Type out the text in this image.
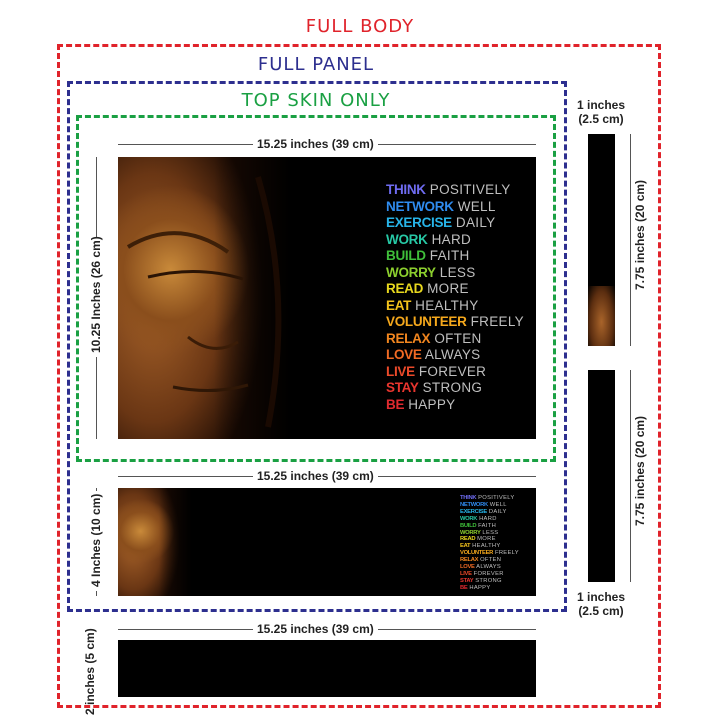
FULL BODY
FULL PANEL
TOP SKIN ONLY
15.25 inches (39 cm)
10.25 Inches (26 cm)
THINK POSITIVELY
NETWORK WELL
EXERCISE DAILY
WORK HARD
BUILD FAITH
WORRY LESS
READ MORE
EAT HEALTHY
VOLUNTEER FREELY
RELAX OFTEN
LOVE ALWAYS
LIVE FOREVER
STAY STRONG
BE HAPPY
15.25 inches (39 cm)
4 Inches (10 cm)	THINK POSITIVELY
NETWORK WELL
EXERCISE DAILY
WORK HARD
BUILD FAITH
WORRY LESS
READ MORE
EAT HEALTHY
VOLUNTEER FREELY
RELAX OFTEN
LOVE ALWAYS
LIVE FOREVER
STAY STRONG
BE HAPPY
15.25 inches (39 cm)
2 inches (5 cm)
1 inches (2.5 cm)
7.75 inches (20 cm)
7.75 inches (20 cm)
1 inches (2.5 cm)
